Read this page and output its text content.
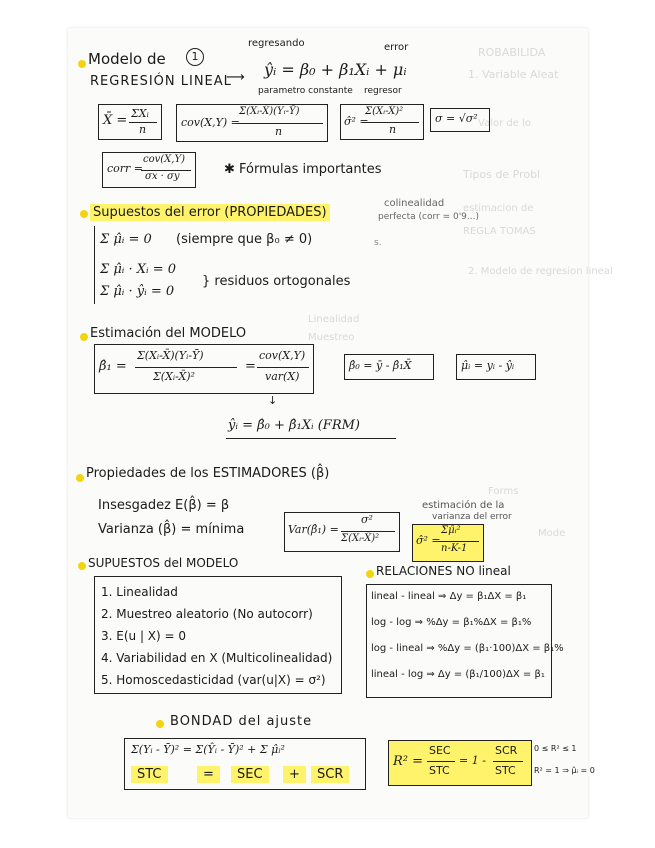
ROBABILIDA
1. Variable Aleat
Valor de lo
Tipos de Probl
estimacion de
REGLA TOMAS
2. Modelo de regresion lineal
Linealidad
Muestreo
Forms
Mode
Modelo de	1
REGRESIÓN LINEAL
⟶
regresando	error
ŷᵢ = β₀ + β₁Xᵢ + μᵢ
parametro constante regresor
X̄ = ΣXᵢ
n
cov(X,Y) =
Σ(Xᵢ-X̄)(Yᵢ-Ȳ)
n
σ̂² =
Σ(Xᵢ-X̄)²
n
σ = √σ²
corr =
cov(X,Y)
σx · σy	✱ Fórmulas importantes
Supuestos del error (PROPIEDADES)
colinealidad
perfecta (corr = 0'9...)
s.
Σ μ̂ᵢ = 0 (siempre que β₀ ≠ 0)
Σ μ̂ᵢ · Xᵢ = 0
Σ μ̂ᵢ · ŷᵢ = 0
} residuos ortogonales
Estimación del MODELO
β̂₁ =
Σ(Xᵢ-X̄)(Yᵢ-Ȳ)
Σ(Xᵢ-X̄)²
=
cov(X,Y)
var(X)
β̂₀ = ȳ - β̂₁X̄	μ̂ᵢ = yᵢ - ŷᵢ
↓
ŷᵢ = β̂₀ + β̂₁Xᵢ (FRM)
Propiedades de los ESTIMADORES (β̂)
Insesgadez E(β̂) = β
Varianza (β̂) = mínima	Var(β̂₁) =
σ²
Σ(Xᵢ-X̄)²
estimación de la
varianza del error
σ̂² =
Σμ̂ᵢ²
n-K-1
SUPUESTOS del MODELO
1. Linealidad
2. Muestreo aleatorio (No autocorr)
3. E(u | X) = 0
4. Variabilidad en X (Multicolinealidad)
5. Homoscedasticidad (var(u|X) = σ²)
RELACIONES NO lineal
lineal - lineal ⇒ Δy = β₁ΔX = β₁
log - log ⇒ %Δy = β₁%ΔX = β₁%
log - lineal ⇒ %Δy = (β₁·100)ΔX = β₁%
lineal - log ⇒ Δy = (β₁/100)ΔX = β₁
BONDAD del ajuste
Σ(Yᵢ - Ȳ)² = Σ(Ŷᵢ - Ȳ)² + Σ μ̂ᵢ²
STC	=	SEC	+	SCR
R² =
SEC
STC
= 1 -
SCR
STC
0 ≤ R² ≤ 1
R² = 1 ⇒ μ̂ᵢ = 0
